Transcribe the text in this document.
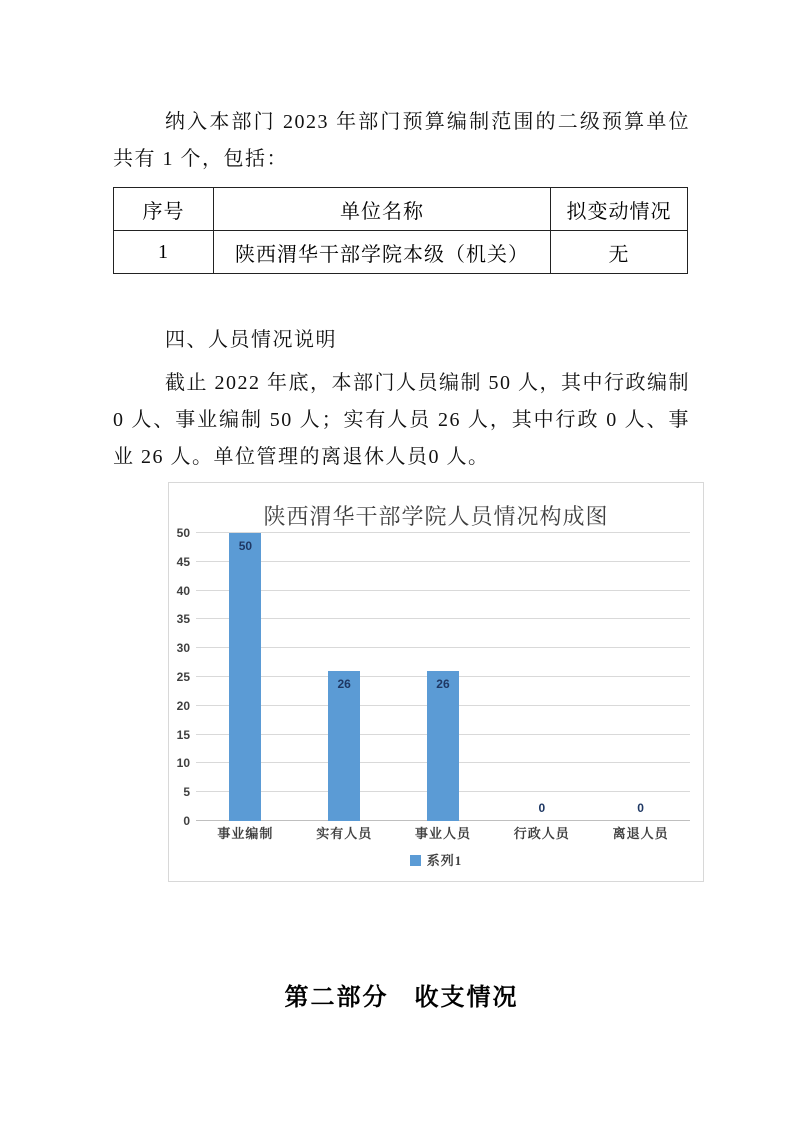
纳入本部门 2023 年部门预算编制范围的二级预算单位共有 1 个，包括：

序号	单位名称	拟变动情况
1	陕西渭华干部学院本级（机关）	无

四、人员情况说明

截止 2022 年底，本部门人员编制 50 人，其中行政编制 0 人、事业编制 50 人；实有人员 26 人，其中行政 0 人、事业 26 人。单位管理的离退休人员0 人。

陕西渭华干部学院人员情况构成图
0
5
10
15
20
25
30
35
40
45
50
50
26	26
0	0
事业编制	实有人员	事业人员	行政人员	离退人员
系列1
第二部分　收支情况
